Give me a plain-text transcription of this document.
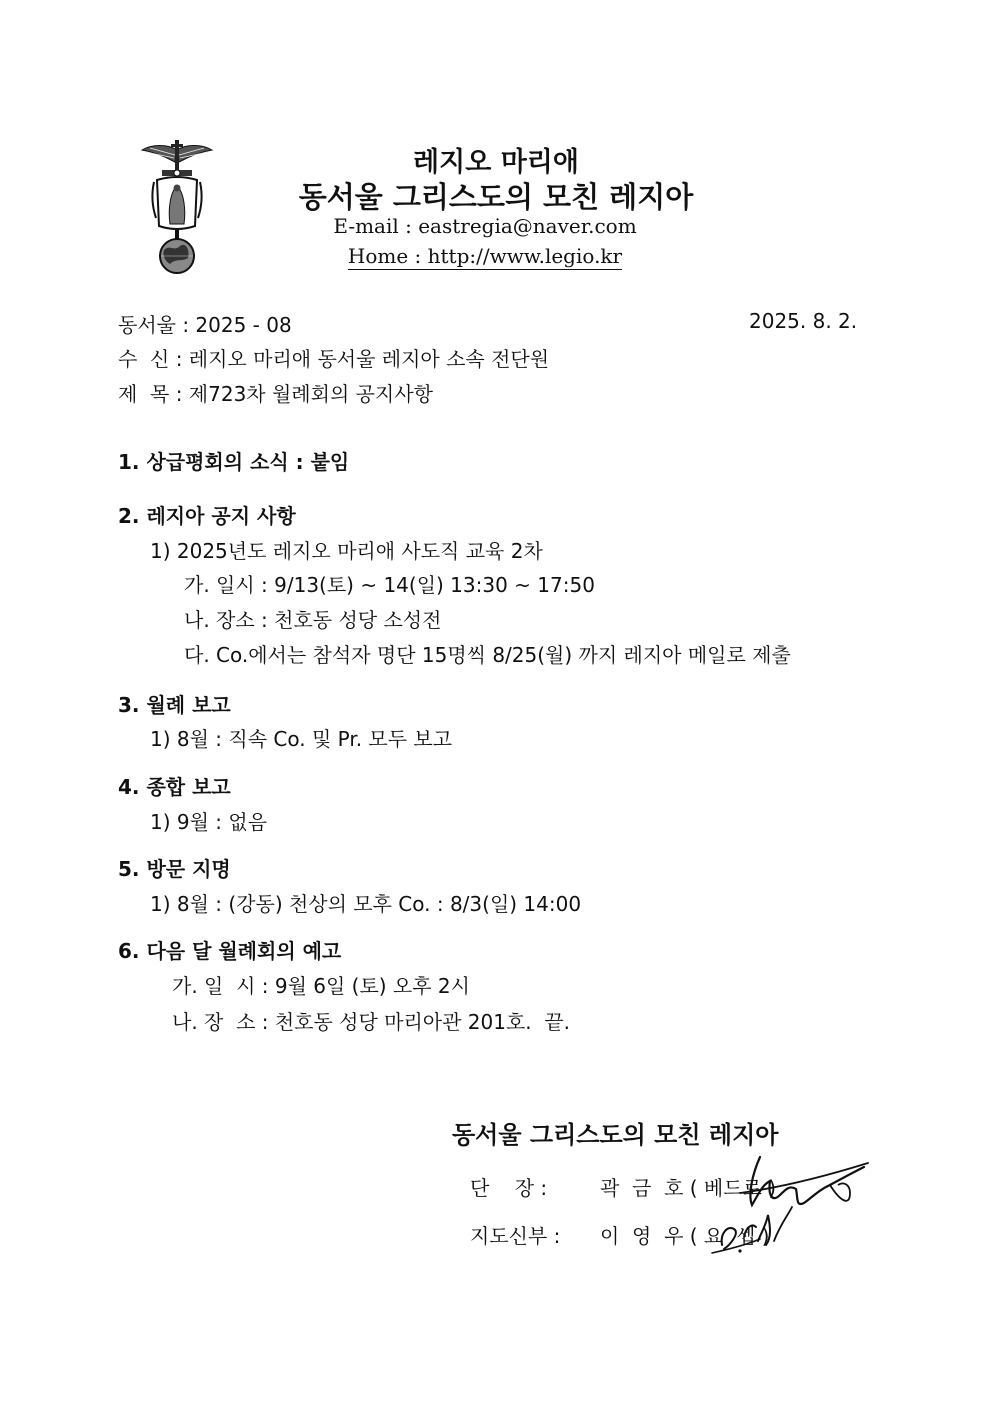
레지오 마리애
동서울 그리스도의 모친 레지아
E-mail : eastregia@naver.com
Home : http://www.legio.kr
동서울 : 2025 - 08	2025. 8. 2.
수  신 : 레지오 마리애 동서울 레지아 소속 전단원
제  목 : 제723차 월례회의 공지사항
1. 상급평회의 소식 : 붙임
2. 레지아 공지 사항
1) 2025년도 레지오 마리애 사도직 교육 2차
가. 일시 : 9/13(토) ~ 14(일) 13:30 ~ 17:50
나. 장소 : 천호동 성당 소성전
다. Co.에서는 참석자 명단 15명씩 8/25(월) 까지 레지아 메일로 제출
3. 월례 보고
1) 8월 : 직속 Co. 및 Pr. 모두 보고
4. 종합 보고
1) 9월 : 없음
5. 방문 지명
1) 8월 : (강동) 천상의 모후 Co. : 8/3(일) 14:00
6. 다음 달 월례회의 예고
가. 일  시 : 9월 6일 (토) 오후 2시
나. 장  소 : 천호동 성당 마리아관 201호.  끝.
동서울 그리스도의 모친 레지아
단    장 :	곽  금  호 ( 베드로 )
지도신부 : 이  영  우 ( 요  셉 )
